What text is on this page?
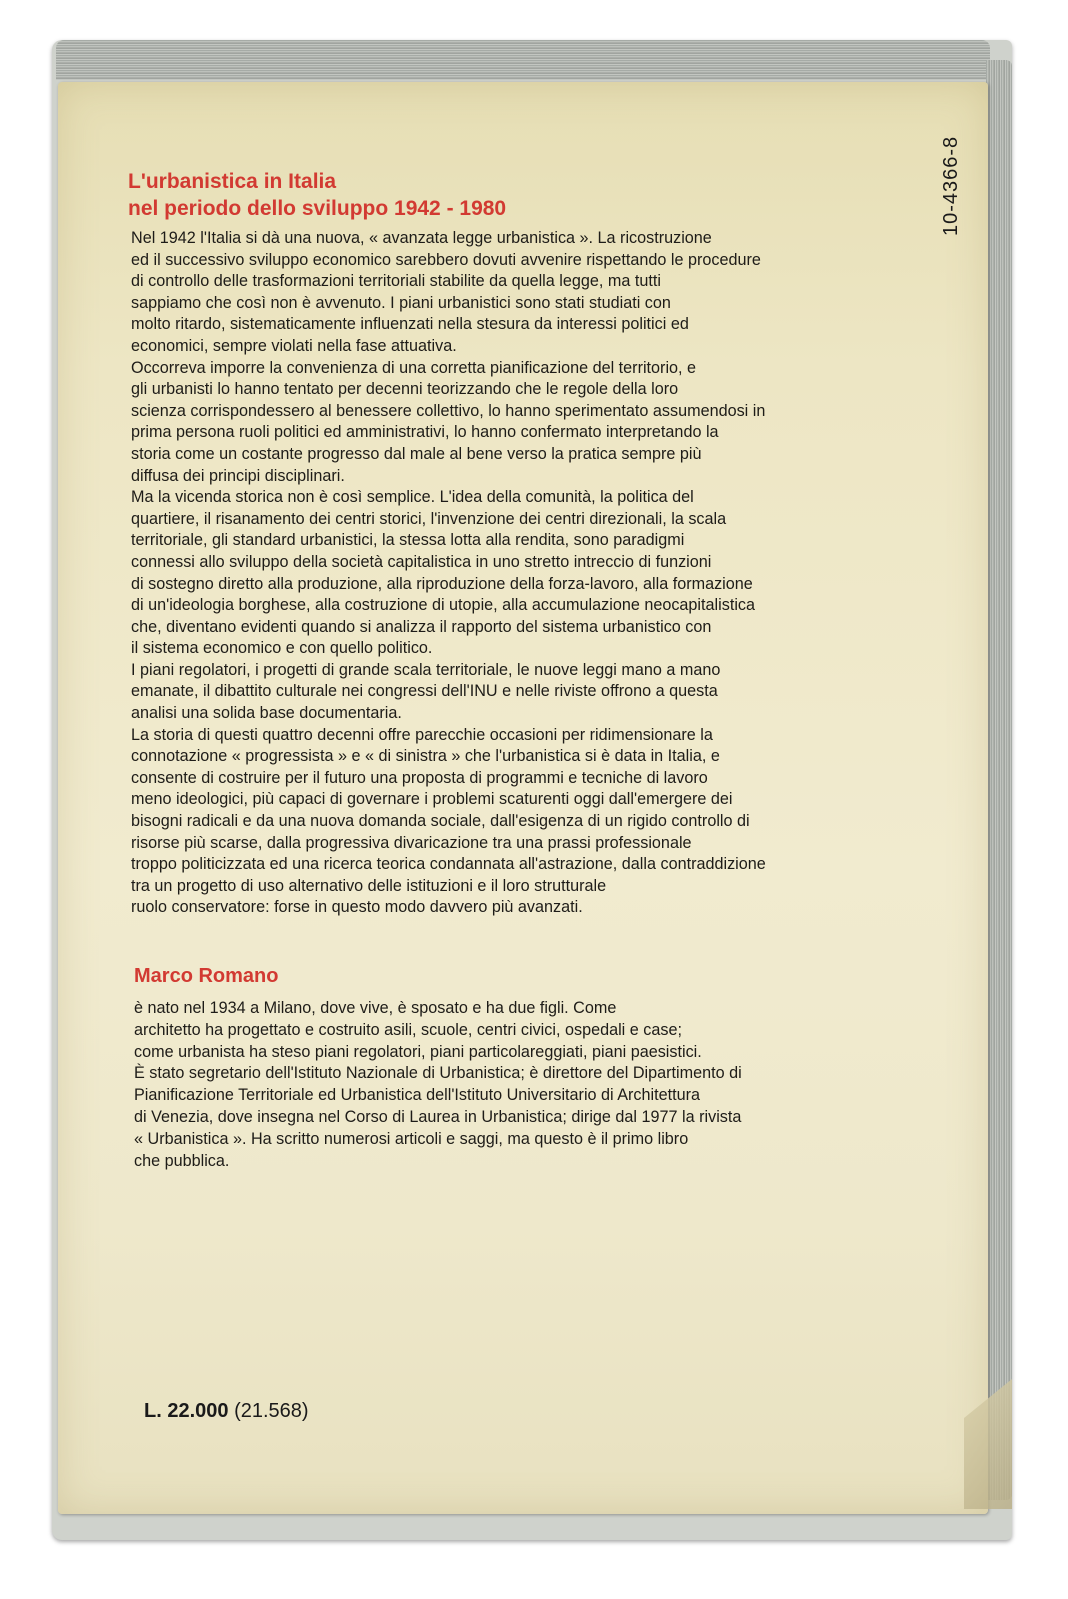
10-4366-8
L'urbanistica in Italia
nel periodo dello sviluppo 1942 - 1980

Nel 1942 l'Italia si dà una nuova, « avanzata legge urbanistica ». La ricostruzione

ed il successivo sviluppo economico sarebbero dovuti avvenire rispettando le procedure

di controllo delle trasformazioni territoriali stabilite da quella legge, ma tutti

sappiamo che così non è avvenuto. I piani urbanistici sono stati studiati con

molto ritardo, sistematicamente influenzati nella stesura da interessi politici ed

economici, sempre violati nella fase attuativa.

Occorreva imporre la convenienza di una corretta pianificazione del territorio, e

gli urbanisti lo hanno tentato per decenni teorizzando che le regole della loro

scienza corrispondessero al benessere collettivo, lo hanno sperimentato assumendosi in

prima persona ruoli politici ed amministrativi, lo hanno confermato interpretando la

storia come un costante progresso dal male al bene verso la pratica sempre più

diffusa dei principi disciplinari.

Ma la vicenda storica non è così semplice. L'idea della comunità, la politica del

quartiere, il risanamento dei centri storici, l'invenzione dei centri direzionali, la scala

territoriale, gli standard urbanistici, la stessa lotta alla rendita, sono paradigmi

connessi allo sviluppo della società capitalistica in uno stretto intreccio di funzioni

di sostegno diretto alla produzione, alla riproduzione della forza-lavoro, alla formazione

di un'ideologia borghese, alla costruzione di utopie, alla accumulazione neocapitalistica

che, diventano evidenti quando si analizza il rapporto del sistema urbanistico con

il sistema economico e con quello politico.

I piani regolatori, i progetti di grande scala territoriale, le nuove leggi mano a mano

emanate, il dibattito culturale nei congressi dell'INU e nelle riviste offrono a questa

analisi una solida base documentaria.

La storia di questi quattro decenni offre parecchie occasioni per ridimensionare la

connotazione « progressista » e « di sinistra » che l'urbanistica si è data in Italia, e

consente di costruire per il futuro una proposta di programmi e tecniche di lavoro

meno ideologici, più capaci di governare i problemi scaturenti oggi dall'emergere dei

bisogni radicali e da una nuova domanda sociale, dall'esigenza di un rigido controllo di

risorse più scarse, dalla progressiva divaricazione tra una prassi professionale

troppo politicizzata ed una ricerca teorica condannata all'astrazione, dalla contraddizione

tra un progetto di uso alternativo delle istituzioni e il loro strutturale

ruolo conservatore: forse in questo modo davvero più avanzati.

Marco Romano

è nato nel 1934 a Milano, dove vive, è sposato e ha due figli. Come

architetto ha progettato e costruito asili, scuole, centri civici, ospedali e case;

come urbanista ha steso piani regolatori, piani particolareggiati, piani paesistici.

È stato segretario dell'Istituto Nazionale di Urbanistica; è direttore del Dipartimento di

Pianificazione Territoriale ed Urbanistica dell'Istituto Universitario di Architettura

di Venezia, dove insegna nel Corso di Laurea in Urbanistica; dirige dal 1977 la rivista

« Urbanistica ». Ha scritto numerosi articoli e saggi, ma questo è il primo libro

che pubblica.

L. 22.000 (21.568)
